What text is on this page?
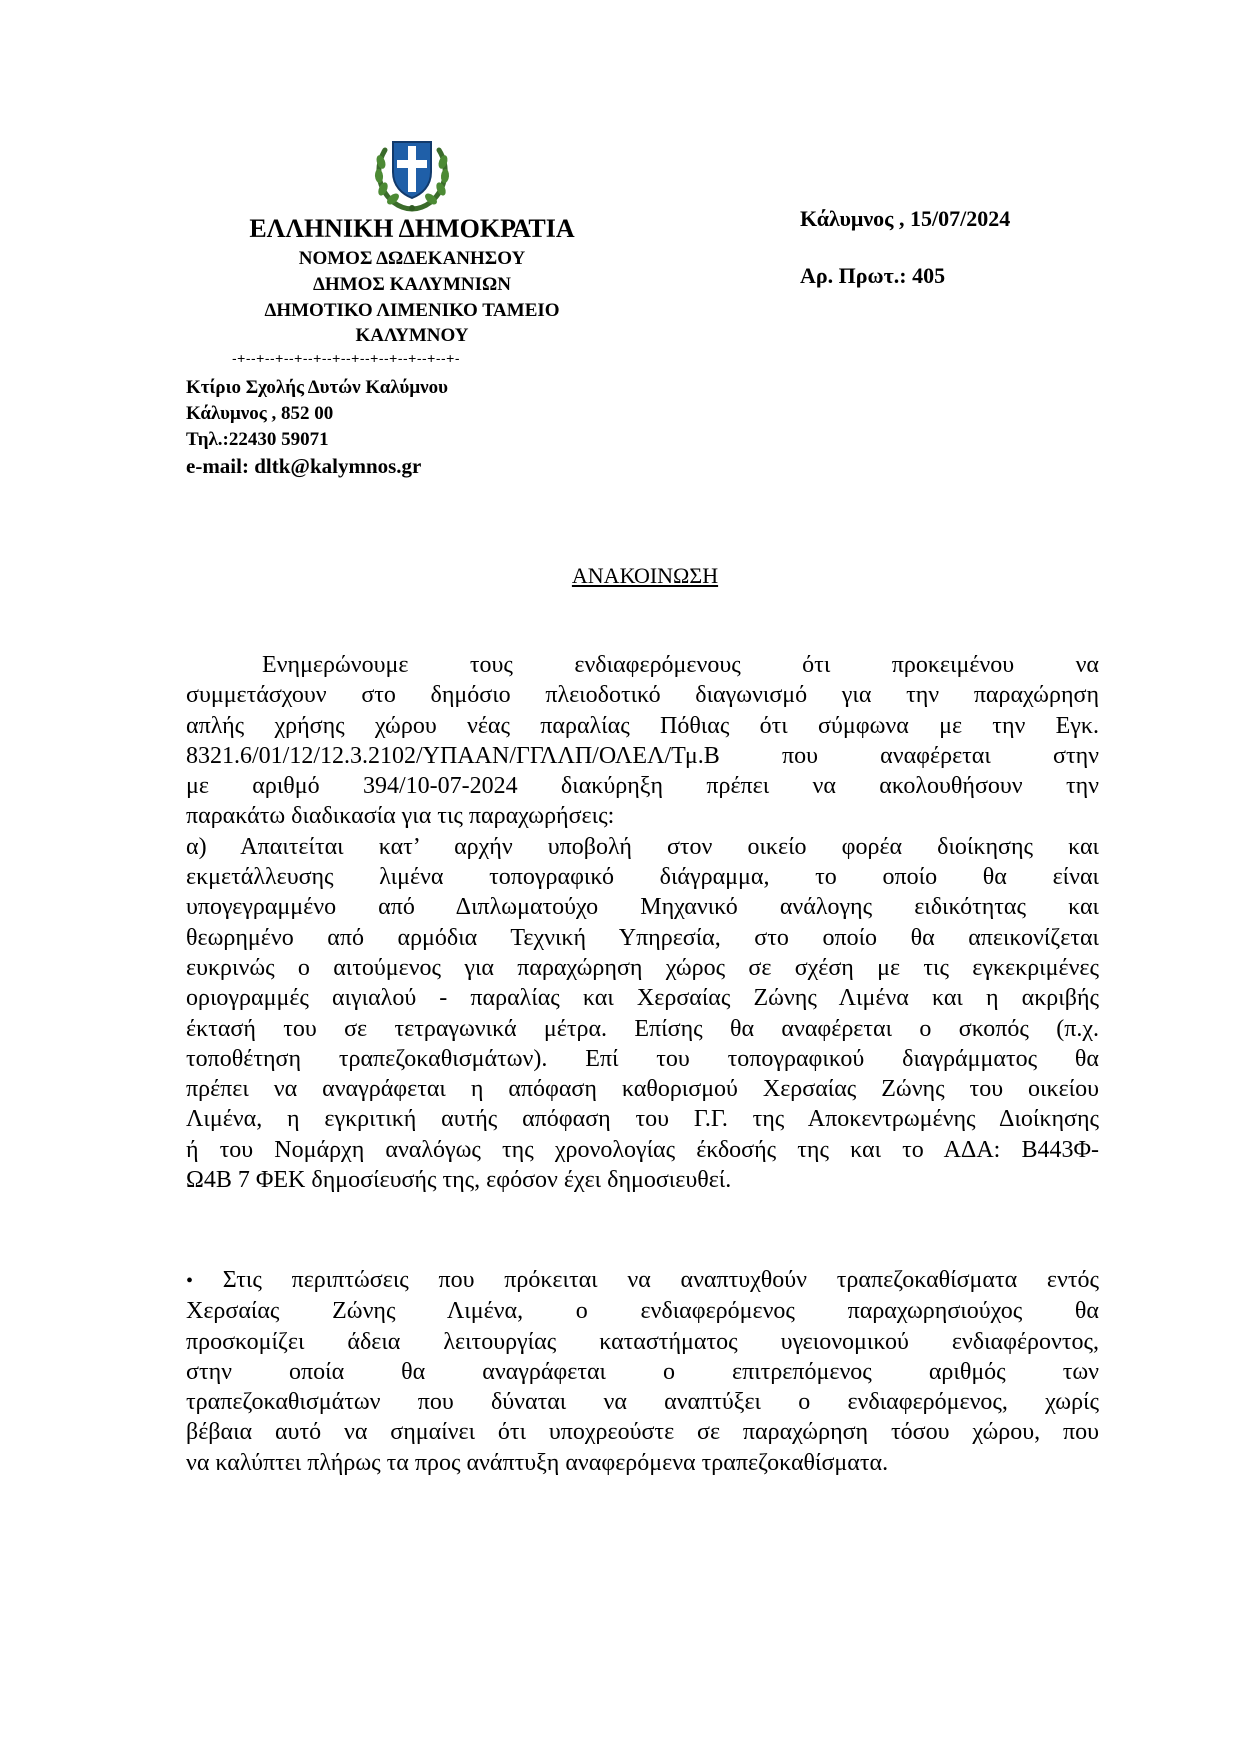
ΕΛΛΗΝΙΚΗ ΔΗΜΟΚΡΑΤΙΑ
ΝΟΜΟΣ ΔΩΔΕΚΑΝΗΣΟΥ
ΔΗΜΟΣ ΚΑΛΥΜΝΙΩΝ
ΔΗΜΟΤΙΚΟ ΛΙΜΕΝΙΚΟ ΤΑΜΕΙΟ
ΚΑΛΥΜΝΟΥ
-+--+--+--+--+--+--+--+--+--+--+--+-
Κάλυμνος , 15/07/2024
Αρ. Πρωτ.: 405
Κτίριο Σχολής Δυτών Καλύμνου
Κάλυμνος , 852 00
Τηλ.:22430 59071
e-mail: dltk@kalymnos.gr
ΑΝΑΚΟΙΝΩΣΗ
Ενημερώνουμε τους ενδιαφερόμενους ότι προκειμένου να
συμμετάσχουν στο δημόσιο πλειοδοτικό διαγωνισμό για την παραχώρηση
απλής χρήσης χώρου νέας παραλίας Πόθιας ότι σύμφωνα με την Εγκ.
8321.6/01/12/12.3.2102/ΥΠΑΑΝ/ΓΓΛΛΠ/ΟΛΕΛ/Τμ.Β που αναφέρεται στην
με αριθμό 394/10-07-2024 διακύρηξη πρέπει να ακολουθήσουν την
παρακάτω διαδικασία για τις παραχωρήσεις:
α) Απαιτείται κατ’ αρχήν υποβολή στον οικείο φορέα διοίκησης και
εκμετάλλευσης λιμένα τοπογραφικό διάγραμμα, το οποίο θα είναι
υπογεγραμμένο από Διπλωματούχο Μηχανικό ανάλογης ειδικότητας και
θεωρημένο από αρμόδια Τεχνική Υπηρεσία, στο οποίο θα απεικονίζεται
ευκρινώς ο αιτούμενος για παραχώρηση χώρος σε σχέση με τις εγκεκριμένες
οριογραμμές αιγιαλού - παραλίας και Χερσαίας Ζώνης Λιμένα και η ακριβής
έκτασή του σε τετραγωνικά μέτρα. Επίσης θα αναφέρεται ο σκοπός (π.χ.
τοποθέτηση τραπεζοκαθισμάτων). Επί του τοπογραφικού διαγράμματος θα
πρέπει να αναγράφεται η απόφαση καθορισμού Χερσαίας Ζώνης του οικείου
Λιμένα, η εγκριτική αυτής απόφαση του Γ.Γ. της Αποκεντρωμένης Διοίκησης
ή του Νομάρχη αναλόγως της χρονολογίας έκδοσής της και το ΑΔΑ: Β443Φ-
Ω4Β 7 ΦΕΚ δημοσίευσής της, εφόσον έχει δημοσιευθεί.
• Στις περιπτώσεις που πρόκειται να αναπτυχθούν τραπεζοκαθίσματα εντός
Χερσαίας Ζώνης Λιμένα, ο ενδιαφερόμενος παραχωρησιούχος θα
προσκομίζει άδεια λειτουργίας καταστήματος υγειονομικού ενδιαφέροντος,
στην οποία θα αναγράφεται ο επιτρεπόμενος αριθμός των
τραπεζοκαθισμάτων που δύναται να αναπτύξει ο ενδιαφερόμενος, χωρίς
βέβαια αυτό να σημαίνει ότι υποχρεούστε σε παραχώρηση τόσου χώρου, που
να καλύπτει πλήρως τα προς ανάπτυξη αναφερόμενα τραπεζοκαθίσματα.
